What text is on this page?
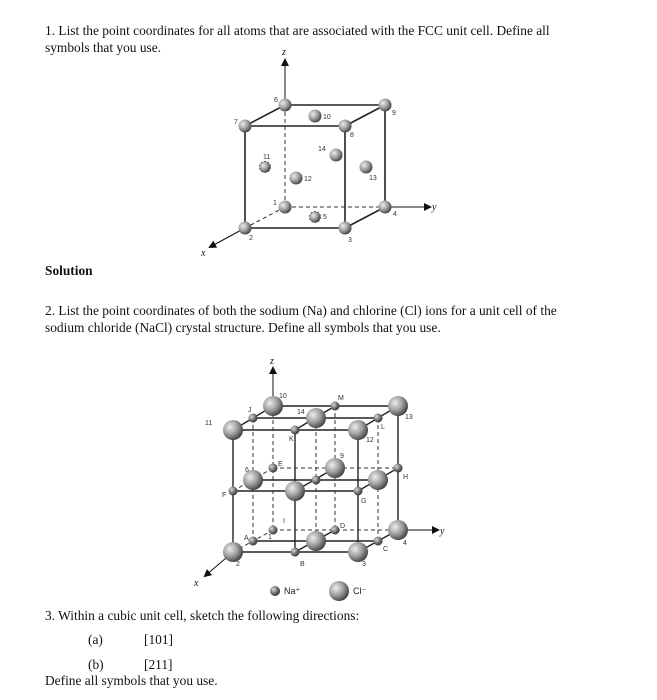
1. List the point coordinates for all atoms that are associated with the FCC unit cell. Define all
symbols that you use.
Solution
2. List the point coordinates of both the sodium (Na) and chlorine (Cl) ions for a unit cell of the
sodium chloride (NaCl) crystal structure. Define all symbols that you use.
3. Within a cubic unit cell, sketch the following directions:
(a)	[101]
(b)	[211]
Define all symbols that you use.
z
y
x
1
2	3
4
5
6
7
8
9
10
11
12	13
14
z
y
x
1
2	3
4
6
9
10
11
12
13
14
A
B
C
D
E
F
G
H
I
J
K
L
M
Na⁺	Cl⁻
